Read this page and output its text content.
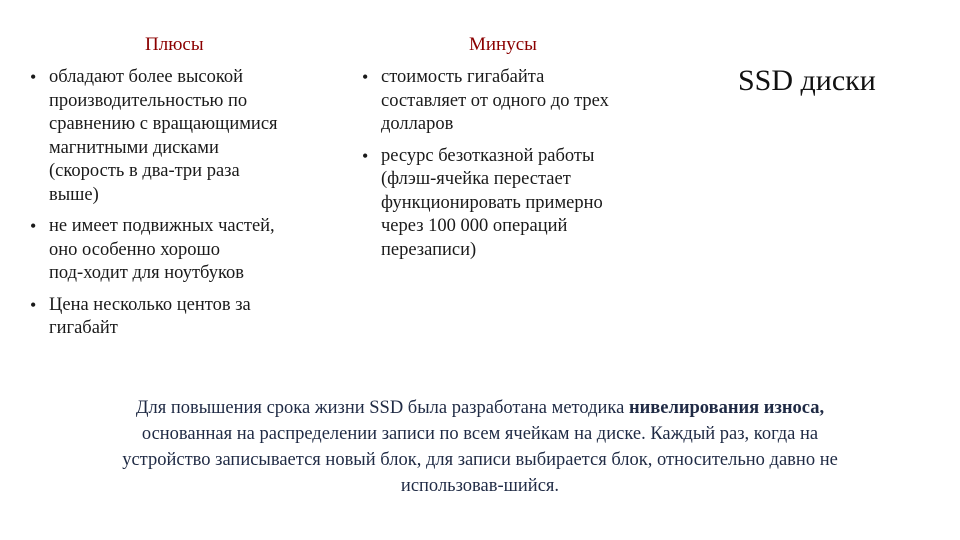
Плюсы	Минусы
• обладают более высокой
производительностью по
сравнению с вращающимися
магнитными дисками
(скорость в два-три раза
выше)
• не имеет подвижных частей,
оно особенно хорошо
под-ходит для ноутбуков
• Цена несколько центов за
гигабайт
• стоимость гигабайта
составляет от одного до трех
долларов
• ресурс безотказной работы
(флэш-ячейка перестает
функционировать примерно
через 100 000 операций
перезаписи)
SSD диски
Для повышения срока жизни SSD была разработана методика нивелирования износа,
основанная на распределении записи по всем ячейкам на диске. Каждый раз, когда на
устройство записывается новый блок, для записи выбирается блок, относительно давно не
использовав-шийся.
